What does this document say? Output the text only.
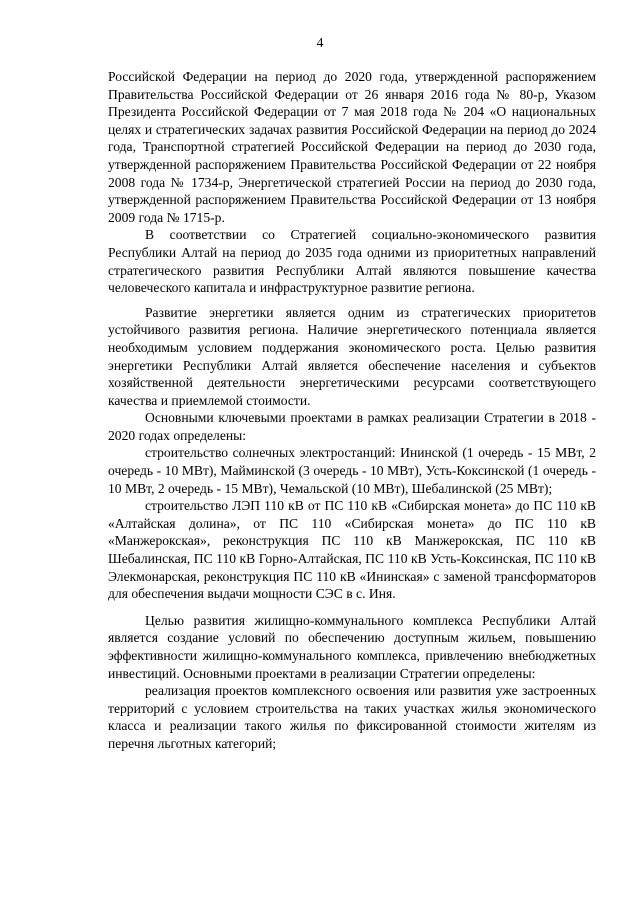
4

Российской Федерации на период до 2020 года, утвержденной распоряжением Правительства Российской Федерации от 26 января 2016 года № 80-р, Указом Президента Российской Федерации от 7 мая 2018 года № 204 «О национальных целях и стратегических задачах развития Российской Федерации на период до 2024 года, Транспортной стратегией Российской Федерации на период до 2030 года, утвержденной распоряжением Правительства Российской Федерации от 22 ноября 2008 года № 1734-р, Энергетической стратегией России на период до 2030 года, утвержденной распоряжением Правительства Российской Федерации от 13 ноября 2009 года № 1715-р.

В соответствии со Стратегией социально-экономического развития Республики Алтай на период до 2035 года одними из приоритетных направлений стратегического развития Республики Алтай являются повышение качества человеческого капитала и инфраструктурное развитие региона.

Развитие энергетики является одним из стратегических приоритетов устойчивого развития региона. Наличие энергетического потенциала является необходимым условием поддержания экономического роста. Целью развития энергетики Республики Алтай является обеспечение населения и субъектов хозяйственной деятельности энергетическими ресурсами соответствующего качества и приемлемой стоимости.

Основными ключевыми проектами в рамках реализации Стратегии в 2018 - 2020 годах определены:

строительство солнечных электростанций: Ининской (1 очередь - 15 МВт, 2 очередь - 10 МВт), Майминской (3 очередь - 10 МВт), Усть-Коксинской (1 очередь - 10 МВт, 2 очередь - 15 МВт), Чемальской (10 МВт), Шебалинской (25 МВт);

строительство ЛЭП 110 кВ от ПС 110 кВ «Сибирская монета» до ПС 110 кВ «Алтайская долина», от ПС 110 «Сибирская монета» до ПС 110 кВ «Манжерокская», реконструкция ПС 110 кВ Манжерокская, ПС 110 кВ Шебалинская, ПС 110 кВ Горно-Алтайская, ПС 110 кВ Усть-Коксинская, ПС 110 кВ Элекмонарская, реконструкция ПС 110 кВ «Ининская» с заменой трансформаторов для обеспечения выдачи мощности СЭС в с. Иня.

Целью развития жилищно-коммунального комплекса Республики Алтай является создание условий по обеспечению доступным жильем, повышению эффективности жилищно-коммунального комплекса, привлечению внебюджетных инвестиций. Основными проектами в реализации Стратегии определены:

реализация проектов комплексного освоения или развития уже застроенных территорий с условием строительства на таких участках жилья экономического класса и реализации такого жилья по фиксированной стоимости жителям из перечня льготных категорий;
